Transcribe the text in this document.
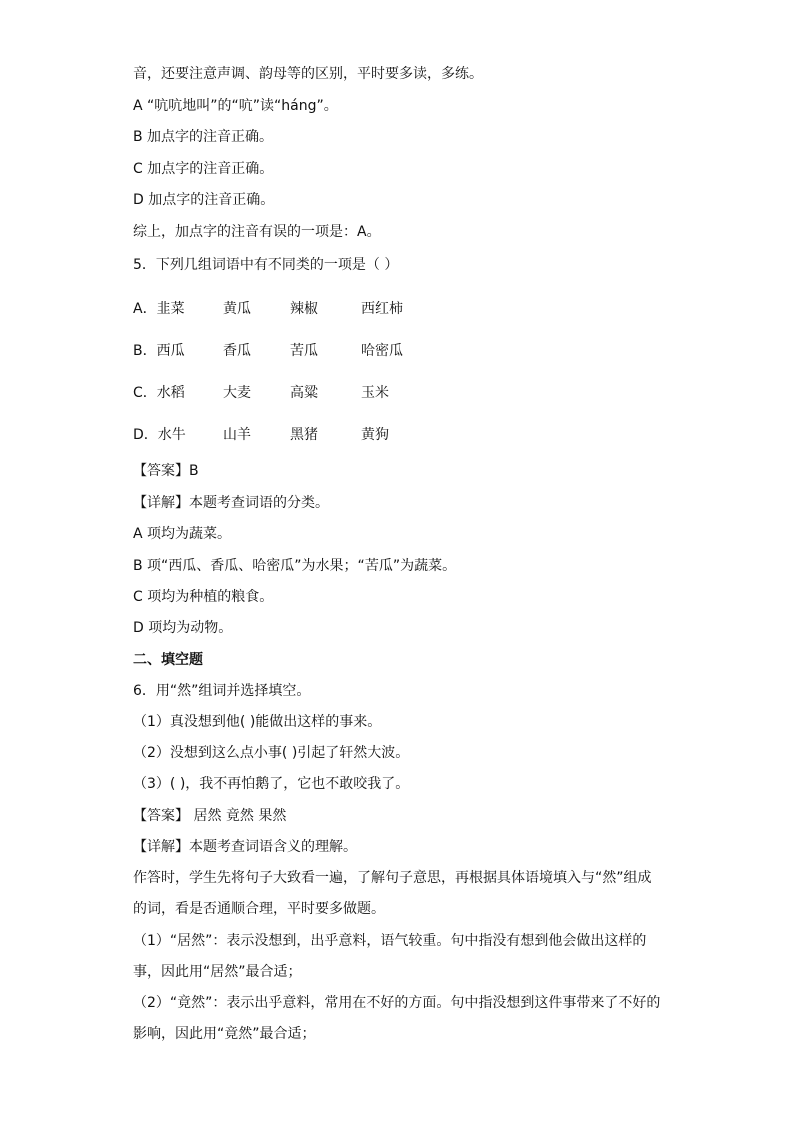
音，还要注意声调、韵母等的区别，平时要多读，多练。
A “吭吭地叫”的“吭”读“háng”。
B 加点字的注音正确。
C 加点字的注音正确。
D 加点字的注音正确。
综上，加点字的注音有误的一项是：A。
5．下列几组词语中有不同类的一项是（ ）
A．韭菜	黄瓜	辣椒	西红柿
B．西瓜	香瓜	苦瓜	哈密瓜
C．水稻	大麦	高粱	玉米
D．水牛	山羊	黑猪	黄狗
【答案】B
【详解】本题考查词语的分类。
A 项均为蔬菜。
B 项“西瓜、香瓜、哈密瓜”为水果；“苦瓜”为蔬菜。
C 项均为种植的粮食。
D 项均为动物。
二、填空题
6．用“然”组词并选择填空。
（1）真没想到他( )能做出这样的事来。
（2）没想到这么点小事( )引起了轩然大波。
（3）( )，我不再怕鹅了，它也不敢咬我了。
【答案】 居然 竟然 果然
【详解】本题考查词语含义的理解。
作答时，学生先将句子大致看一遍，了解句子意思，再根据具体语境填入与“然”组成
的词，看是否通顺合理，平时要多做题。
（1）“居然”：表示没想到，出乎意料，语气较重。句中指没有想到他会做出这样的
事，因此用“居然”最合适；
（2）“竟然”：表示出乎意料，常用在不好的方面。句中指没想到这件事带来了不好的
影响，因此用“竟然”最合适；
